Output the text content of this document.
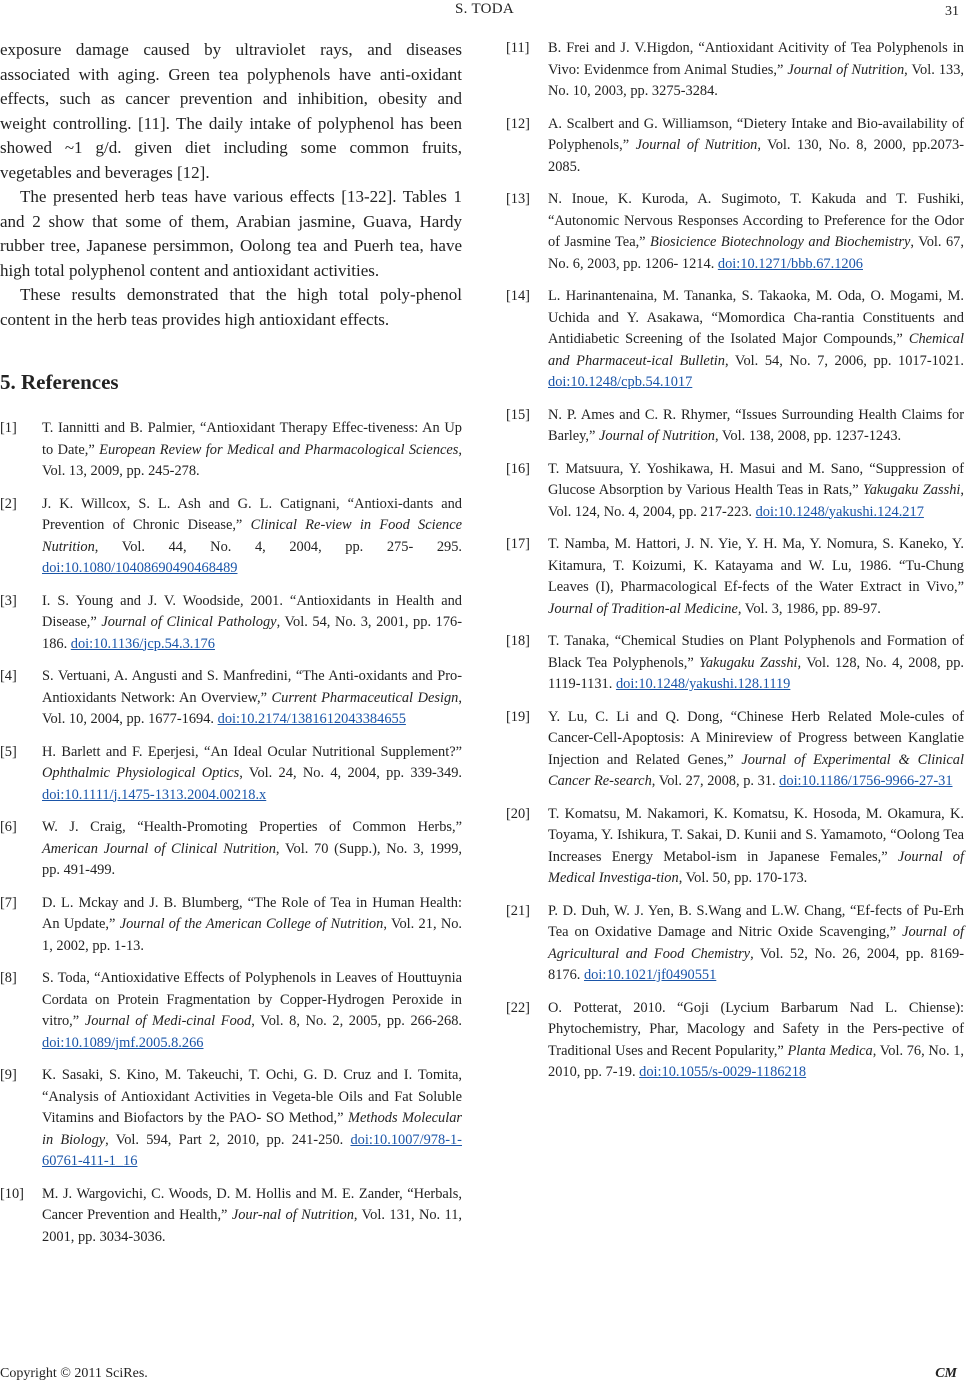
S. TODA	31

exposure damage caused by ultraviolet rays, and diseases associated with aging. Green tea polyphenols have anti-oxidant effects, such as cancer prevention and inhibition, obesity and weight controlling. [11]. The daily intake of polyphenol has been showed ~1 g/d. given diet including some common fruits, vegetables and beverages [12].

The presented herb teas have various effects [13-22]. Tables 1 and 2 show that some of them, Arabian jasmine, Guava, Hardy rubber tree, Japanese persimmon, Oolong tea and Puerh tea, have high total polyphenol content and antioxidant activities.

These results demonstrated that the high total poly-phenol content in the herb teas provides high antioxidant effects.

5. References
[1] T. Iannitti and B. Palmier, “Antioxidant Therapy Effec-tiveness: An Up to Date,” European Review for Medical and Pharmacological Sciences, Vol. 13, 2009, pp. 245-278.
[2] J. K. Willcox, S. L. Ash and G. L. Catignani, “Antioxi-dants and Prevention of Chronic Disease,” Clinical Re-view in Food Science Nutrition, Vol. 44, No. 4, 2004, pp. 275- 295. doi:10.1080/10408690490468489
[3] I. S. Young and J. V. Woodside, 2001. “Antioxidants in Health and Disease,” Journal of Clinical Pathology, Vol. 54, No. 3, 2001, pp. 176-186. doi:10.1136/jcp.54.3.176
[4] S. Vertuani, A. Angusti and S. Manfredini, “The Anti-oxidants and Pro-Antioxidants Network: An Overview,” Current Pharmaceutical Design, Vol. 10, 2004, pp. 1677-1694. doi:10.2174/1381612043384655
[5] H. Barlett and F. Eperjesi, “An Ideal Ocular Nutritional Supplement?” Ophthalmic Physiological Optics, Vol. 24, No. 4, 2004, pp. 339-349. doi:10.1111/j.1475-1313.2004.00218.x
[6] W. J. Craig, “Health-Promoting Properties of Common Herbs,” American Journal of Clinical Nutrition, Vol. 70 (Supp.), No. 3, 1999, pp. 491-499.
[7] D. L. Mckay and J. B. Blumberg, “The Role of Tea in Human Health: An Update,” Journal of the American College of Nutrition, Vol. 21, No. 1, 2002, pp. 1-13.
[8] S. Toda, “Antioxidative Effects of Polyphenols in Leaves of Houttuynia Cordata on Protein Fragmentation by Copper-Hydrogen Peroxide in vitro,” Journal of Medi-cinal Food, Vol. 8, No. 2, 2005, pp. 266-268. doi:10.1089/jmf.2005.8.266
[9] K. Sasaki, S. Kino, M. Takeuchi, T. Ochi, G. D. Cruz and I. Tomita, “Analysis of Antioxidant Activities in Vegeta-ble Oils and Fat Soluble Vitamins and Biofactors by the PAO- SO Method,” Methods Molecular in Biology, Vol. 594, Part 2, 2010, pp. 241-250. doi:10.1007/978-1-60761-411-1_16
[10] M. J. Wargovichi, C. Woods, D. M. Hollis and M. E. Zander, “Herbals, Cancer Prevention and Health,” Jour-nal of Nutrition, Vol. 131, No. 11, 2001, pp. 3034-3036.
[11] B. Frei and J. V.Higdon, “Antioxidant Acitivity of Tea Polyphenols in Vivo: Evidenmce from Animal Studies,” Journal of Nutrition, Vol. 133, No. 10, 2003, pp. 3275-3284.
[12] A. Scalbert and G. Williamson, “Dietery Intake and Bio-availability of Polyphenols,” Journal of Nutrition, Vol. 130, No. 8, 2000, pp.2073-2085.
[13] N. Inoue, K. Kuroda, A. Sugimoto, T. Kakuda and T. Fushiki, “Autonomic Nervous Responses According to Preference for the Odor of Jasmine Tea,” Biosicience Biotechnology and Biochemistry, Vol. 67, No. 6, 2003, pp. 1206- 1214. doi:10.1271/bbb.67.1206
[14] L. Harinantenaina, M. Tananka, S. Takaoka, M. Oda, O. Mogami, M. Uchida and Y. Asakawa, “Momordica Cha-rantia Constituents and Antidiabetic Screening of the Isolated Major Compounds,” Chemical and Pharmaceut-ical Bulletin, Vol. 54, No. 7, 2006, pp. 1017-1021. doi:10.1248/cpb.54.1017
[15] N. P. Ames and C. R. Rhymer, “Issues Surrounding Health Claims for Barley,” Journal of Nutrition, Vol. 138, 2008, pp. 1237-1243.
[16] T. Matsuura, Y. Yoshikawa, H. Masui and M. Sano, “Suppression of Glucose Absorption by Various Health Teas in Rats,” Yakugaku Zasshi, Vol. 124, No. 4, 2004, pp. 217-223. doi:10.1248/yakushi.124.217
[17] T. Namba, M. Hattori, J. N. Yie, Y. H. Ma, Y. Nomura, S. Kaneko, Y. Kitamura, T. Koizumi, K. Katayama and W. Lu, 1986. “Tu-Chung Leaves (I), Pharmacological Ef-fects of the Water Extract in Vivo,” Journal of Tradition-al Medicine, Vol. 3, 1986, pp. 89-97.
[18] T. Tanaka, “Chemical Studies on Plant Polyphenols and Formation of Black Tea Polyphenols,” Yakugaku Zasshi, Vol. 128, No. 4, 2008, pp. 1119-1131. doi:10.1248/yakushi.128.1119
[19] Y. Lu, C. Li and Q. Dong, “Chinese Herb Related Mole-cules of Cancer-Cell-Apoptosis: A Minireview of Progress between Kanglatie Injection and Related Genes,” Journal of Experimental & Clinical Cancer Re-search, Vol. 27, 2008, p. 31. doi:10.1186/1756-9966-27-31
[20] T. Komatsu, M. Nakamori, K. Komatsu, K. Hosoda, M. Okamura, K. Toyama, Y. Ishikura, T. Sakai, D. Kunii and S. Yamamoto, “Oolong Tea Increases Energy Metabol-ism in Japanese Females,” Journal of Medical Investiga-tion, Vol. 50, pp. 170-173.
[21] P. D. Duh, W. J. Yen, B. S.Wang and L.W. Chang, “Ef-fects of Pu-Erh Tea on Oxidative Damage and Nitric Oxide Scavenging,” Journal of Agricultural and Food Chemistry, Vol. 52, No. 26, 2004, pp. 8169-8176. doi:10.1021/jf0490551
[22] O. Potterat, 2010. “Goji (Lycium Barbarum Nad L. Chiense): Phytochemistry, Phar, Macology and Safety in the Pers-pective of Traditional Uses and Recent Popularity,” Planta Medica, Vol. 76, No. 1, 2010, pp. 7-19. doi:10.1055/s-0029-1186218
Copyright © 2011 SciRes.	CM
